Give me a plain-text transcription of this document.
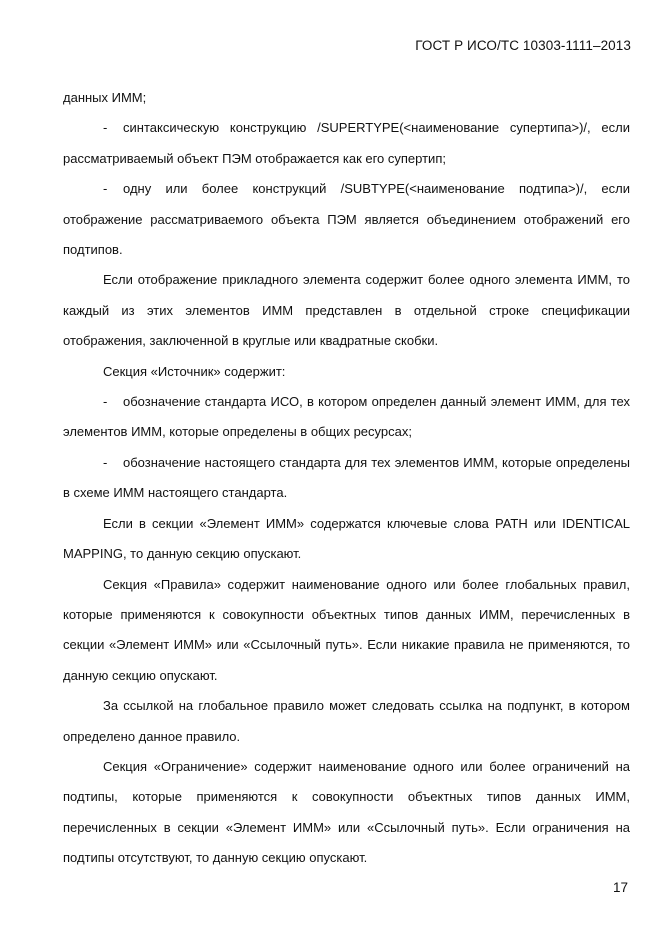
ГОСТ Р ИСО/ТС 10303-1111–2013

данных ИММ;

- синтаксическую конструкцию /SUPERTYPE(<наименование супертипа>)/, если рассматриваемый объект ПЭМ отображается как его супертип;

- одну или более конструкций /SUBTYPE(<наименование подтипа>)/, если отображение рассматриваемого объекта ПЭМ является объединением отображений его подтипов.

Если отображение прикладного элемента содержит более одного элемента ИММ, то каждый из этих элементов ИММ представлен в отдельной строке спецификации отображения, заключенной в круглые или квадратные скобки.

Секция «Источник» содержит:

- обозначение стандарта ИСО, в котором определен данный элемент ИММ, для тех элементов ИММ, которые определены в общих ресурсах;

- обозначение настоящего стандарта для тех элементов ИММ, которые определены в схеме ИММ настоящего стандарта.

Если в секции «Элемент ИММ» содержатся ключевые слова PATH или IDENTICAL MAPPING, то данную секцию опускают.

Секция «Правила» содержит наименование одного или более глобальных правил, которые применяются к совокупности объектных типов данных ИММ, перечисленных в секции «Элемент ИММ» или «Ссылочный путь». Если никакие правила не применяются, то данную секцию опускают.

За ссылкой на глобальное правило может следовать ссылка на подпункт, в котором определено данное правило.

Секция «Ограничение» содержит наименование одного или более ограничений на подтипы, которые применяются к совокупности объектных типов данных ИММ, перечисленных в секции «Элемент ИММ» или «Ссылочный путь». Если ограничения на подтипы отсутствуют, то данную секцию опускают.

17
